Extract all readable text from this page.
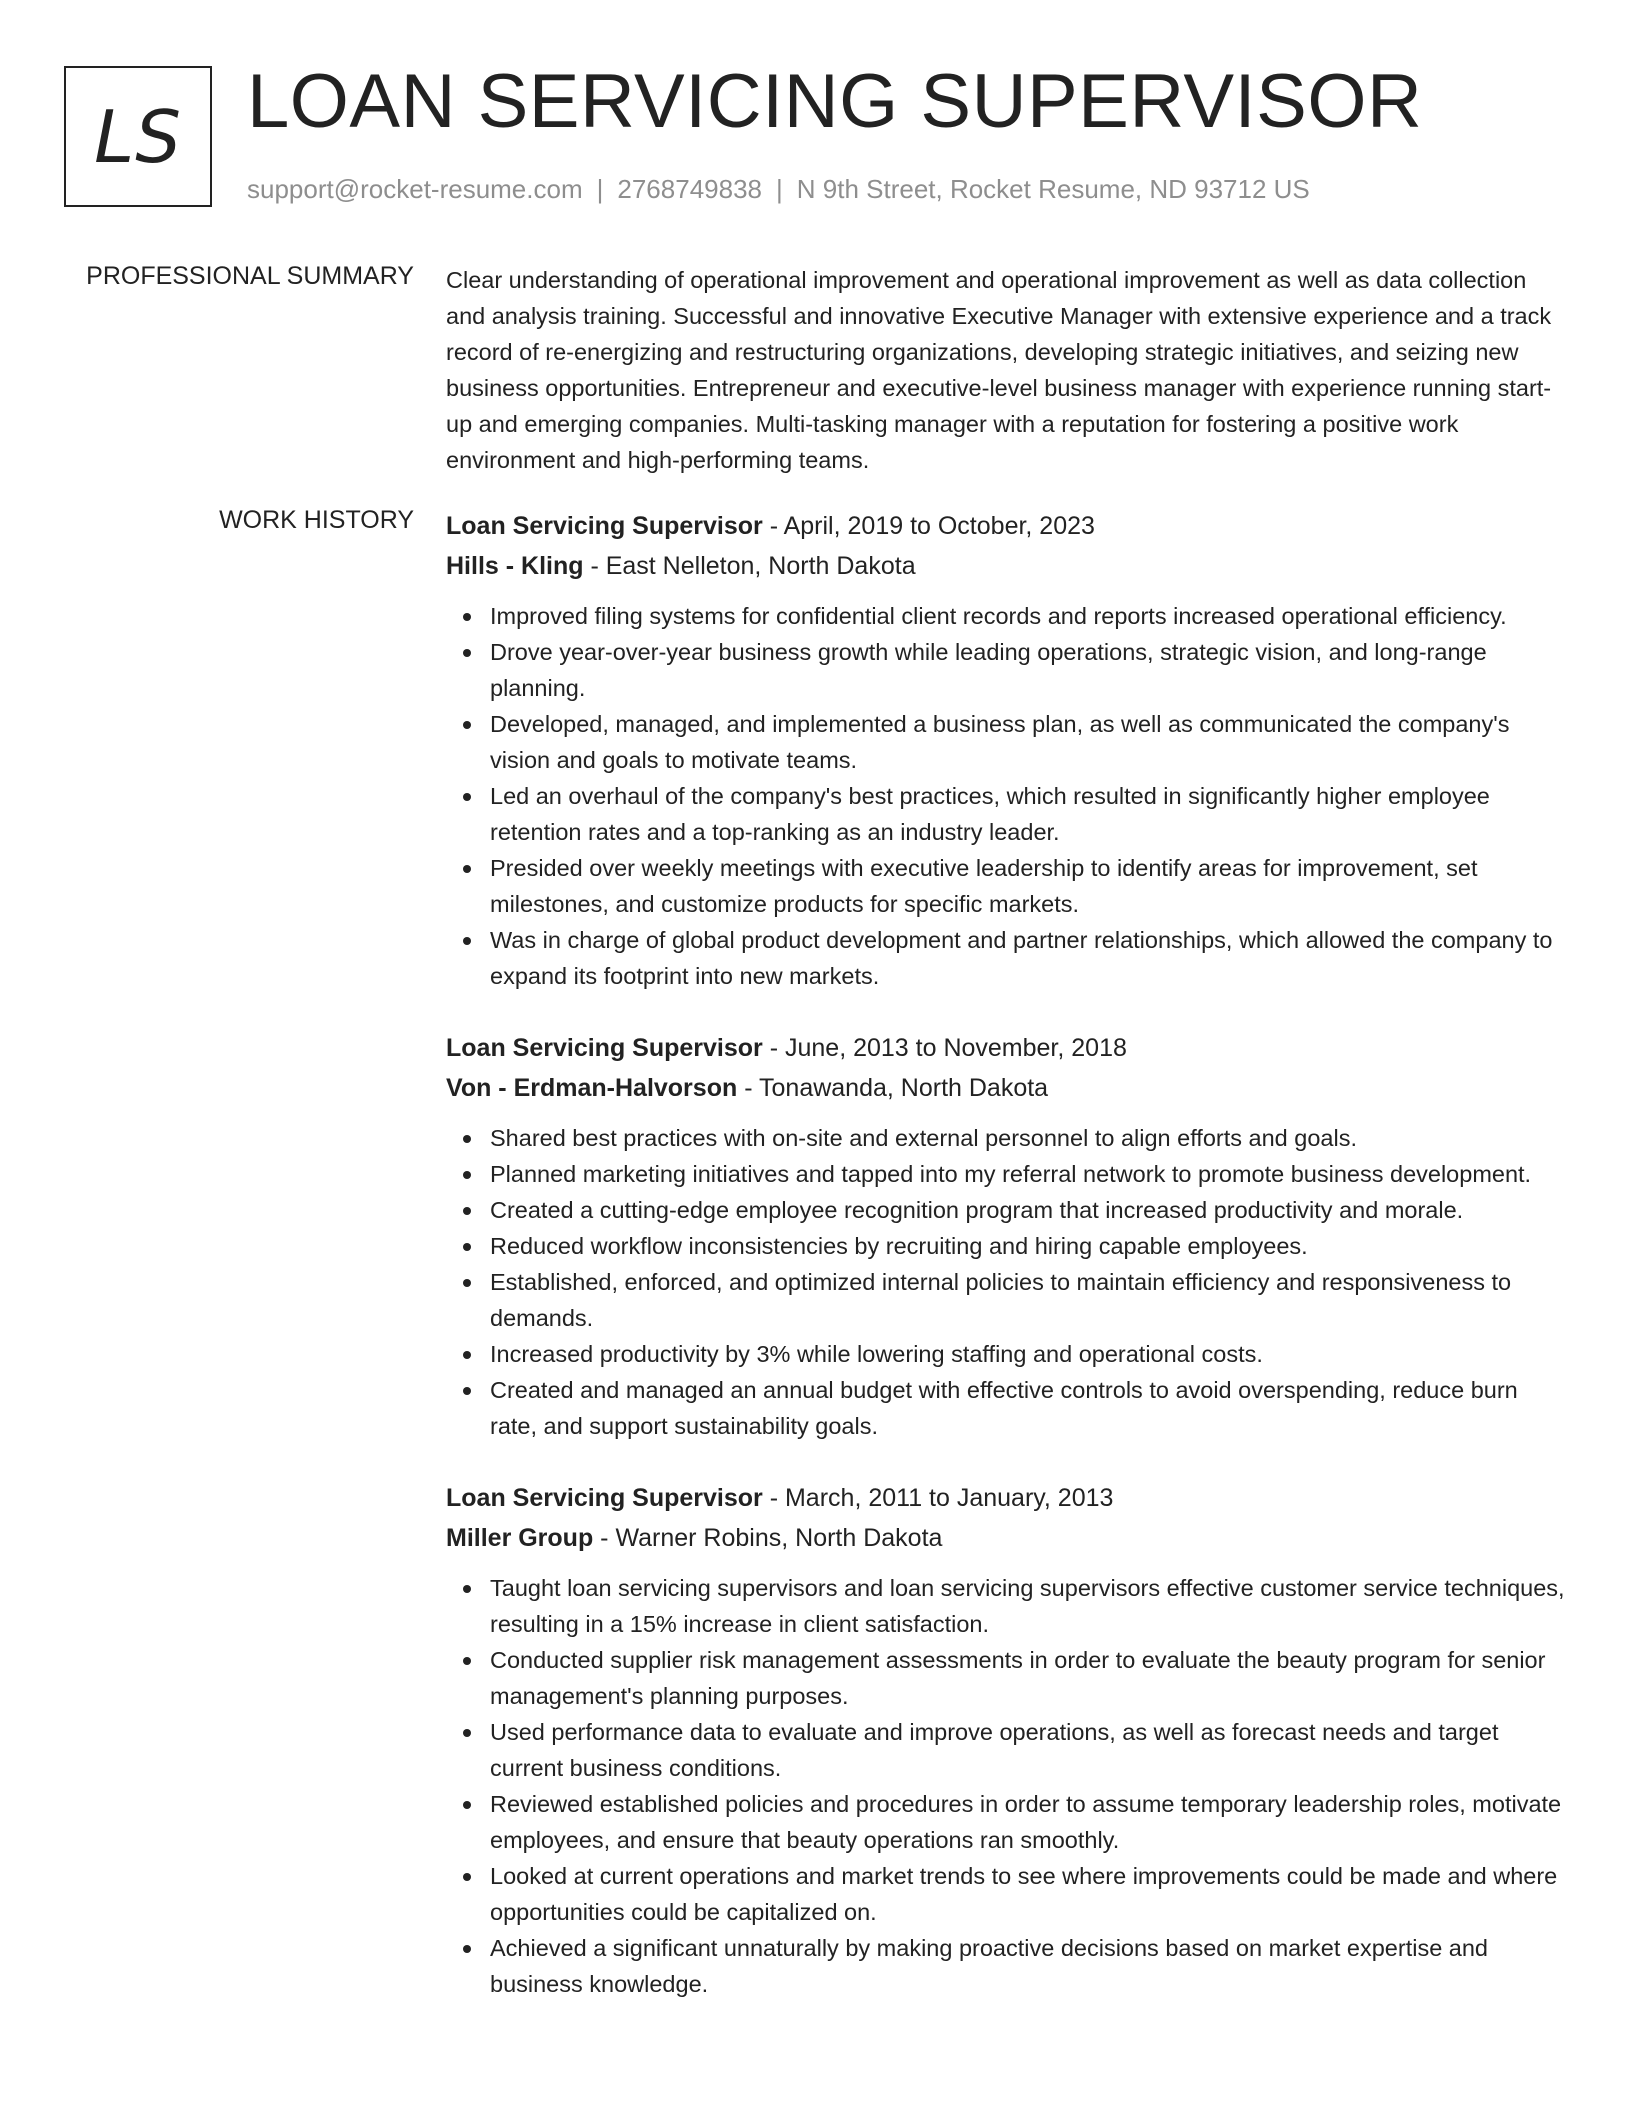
LS LOAN SERVICING SUPERVISOR
support@rocket-resume.com | 2768749838 | N 9th Street, Rocket Resume, ND 93712 US
PROFESSIONAL SUMMARY Clear understanding of operational improvement and operational improvement as well as data collection and analysis training. Successful and innovative Executive Manager with extensive experience and a track record of re-energizing and restructuring organizations, developing strategic initiatives, and seizing new business opportunities. Entrepreneur and executive-level business manager with experience running start-up and emerging companies. Multi-tasking manager with a reputation for fostering a positive work environment and high-performing teams.

WORK HISTORY Loan Servicing Supervisor - April, 2019 to October, 2023
Hills - Kling - East Nelleton, North Dakota
Improved filing systems for confidential client records and reports increased operational efficiency.
Drove year-over-year business growth while leading operations, strategic vision, and long-range planning.
Developed, managed, and implemented a business plan, as well as communicated the company's vision and goals to motivate teams.
Led an overhaul of the company's best practices, which resulted in significantly higher employee retention rates and a top-ranking as an industry leader.
Presided over weekly meetings with executive leadership to identify areas for improvement, set milestones, and customize products for specific markets.
Was in charge of global product development and partner relationships, which allowed the company to expand its footprint into new markets.
Loan Servicing Supervisor - June, 2013 to November, 2018
Von - Erdman-Halvorson - Tonawanda, North Dakota
Shared best practices with on-site and external personnel to align efforts and goals.
Planned marketing initiatives and tapped into my referral network to promote business development.
Created a cutting-edge employee recognition program that increased productivity and morale.
Reduced workflow inconsistencies by recruiting and hiring capable employees.
Established, enforced, and optimized internal policies to maintain efficiency and responsiveness to demands.
Increased productivity by 3% while lowering staffing and operational costs.
Created and managed an annual budget with effective controls to avoid overspending, reduce burn rate, and support sustainability goals.
Loan Servicing Supervisor - March, 2011 to January, 2013
Miller Group - Warner Robins, North Dakota
Taught loan servicing supervisors and loan servicing supervisors effective customer service techniques, resulting in a 15% increase in client satisfaction.
Conducted supplier risk management assessments in order to evaluate the beauty program for senior management's planning purposes.
Used performance data to evaluate and improve operations, as well as forecast needs and target current business conditions.
Reviewed established policies and procedures in order to assume temporary leadership roles, motivate employees, and ensure that beauty operations ran smoothly.
Looked at current operations and market trends to see where improvements could be made and where opportunities could be capitalized on.
Achieved a significant unnaturally by making proactive decisions based on market expertise and business knowledge.
